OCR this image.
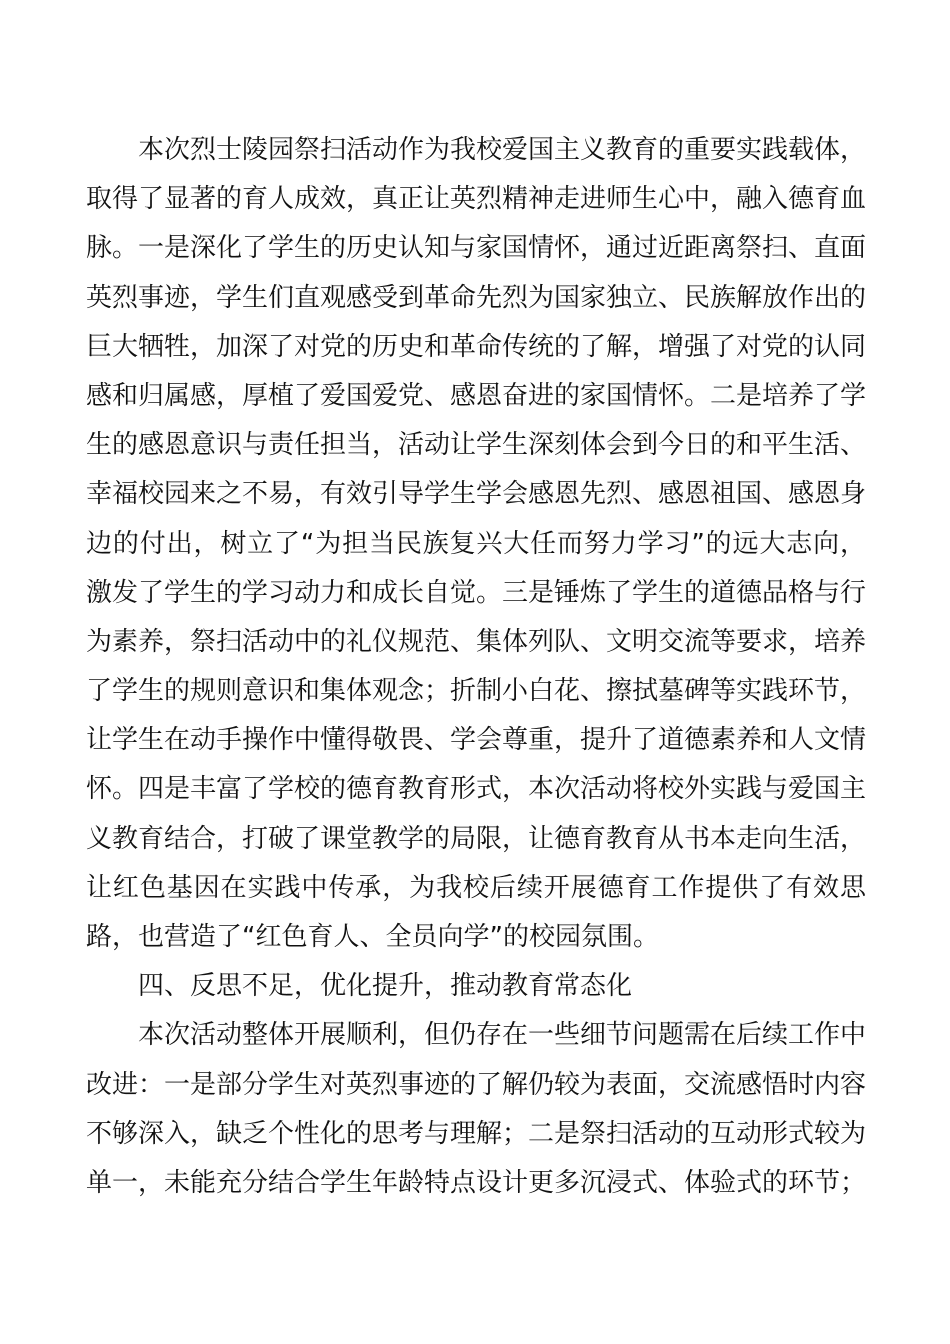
本次烈士陵园祭扫活动作为我校爱国主义教育的重要实践载体，
取得了显著的育人成效，真正让英烈精神走进师生心中，融入德育血
脉。一是深化了学生的历史认知与家国情怀，通过近距离祭扫、直面
英烈事迹，学生们直观感受到革命先烈为国家独立、民族解放作出的
巨大牺牲，加深了对党的历史和革命传统的了解，增强了对党的认同
感和归属感，厚植了爱国爱党、感恩奋进的家国情怀。二是培养了学
生的感恩意识与责任担当，活动让学生深刻体会到今日的和平生活、
幸福校园来之不易，有效引导学生学会感恩先烈、感恩祖国、感恩身
边的付出，树立了“为担当民族复兴大任而努力学习”的远大志向，
激发了学生的学习动力和成长自觉。三是锤炼了学生的道德品格与行
为素养，祭扫活动中的礼仪规范、集体列队、文明交流等要求，培养
了学生的规则意识和集体观念；折制小白花、擦拭墓碑等实践环节，
让学生在动手操作中懂得敬畏、学会尊重，提升了道德素养和人文情
怀。四是丰富了学校的德育教育形式，本次活动将校外实践与爱国主
义教育结合，打破了课堂教学的局限，让德育教育从书本走向生活，
让红色基因在实践中传承，为我校后续开展德育工作提供了有效思
路，也营造了“红色育人、全员向学”的校园氛围。
四、反思不足，优化提升，推动教育常态化
本次活动整体开展顺利，但仍存在一些细节问题需在后续工作中
改进：一是部分学生对英烈事迹的了解仍较为表面，交流感悟时内容
不够深入，缺乏个性化的思考与理解；二是祭扫活动的互动形式较为
单一，未能充分结合学生年龄特点设计更多沉浸式、体验式的环节；
